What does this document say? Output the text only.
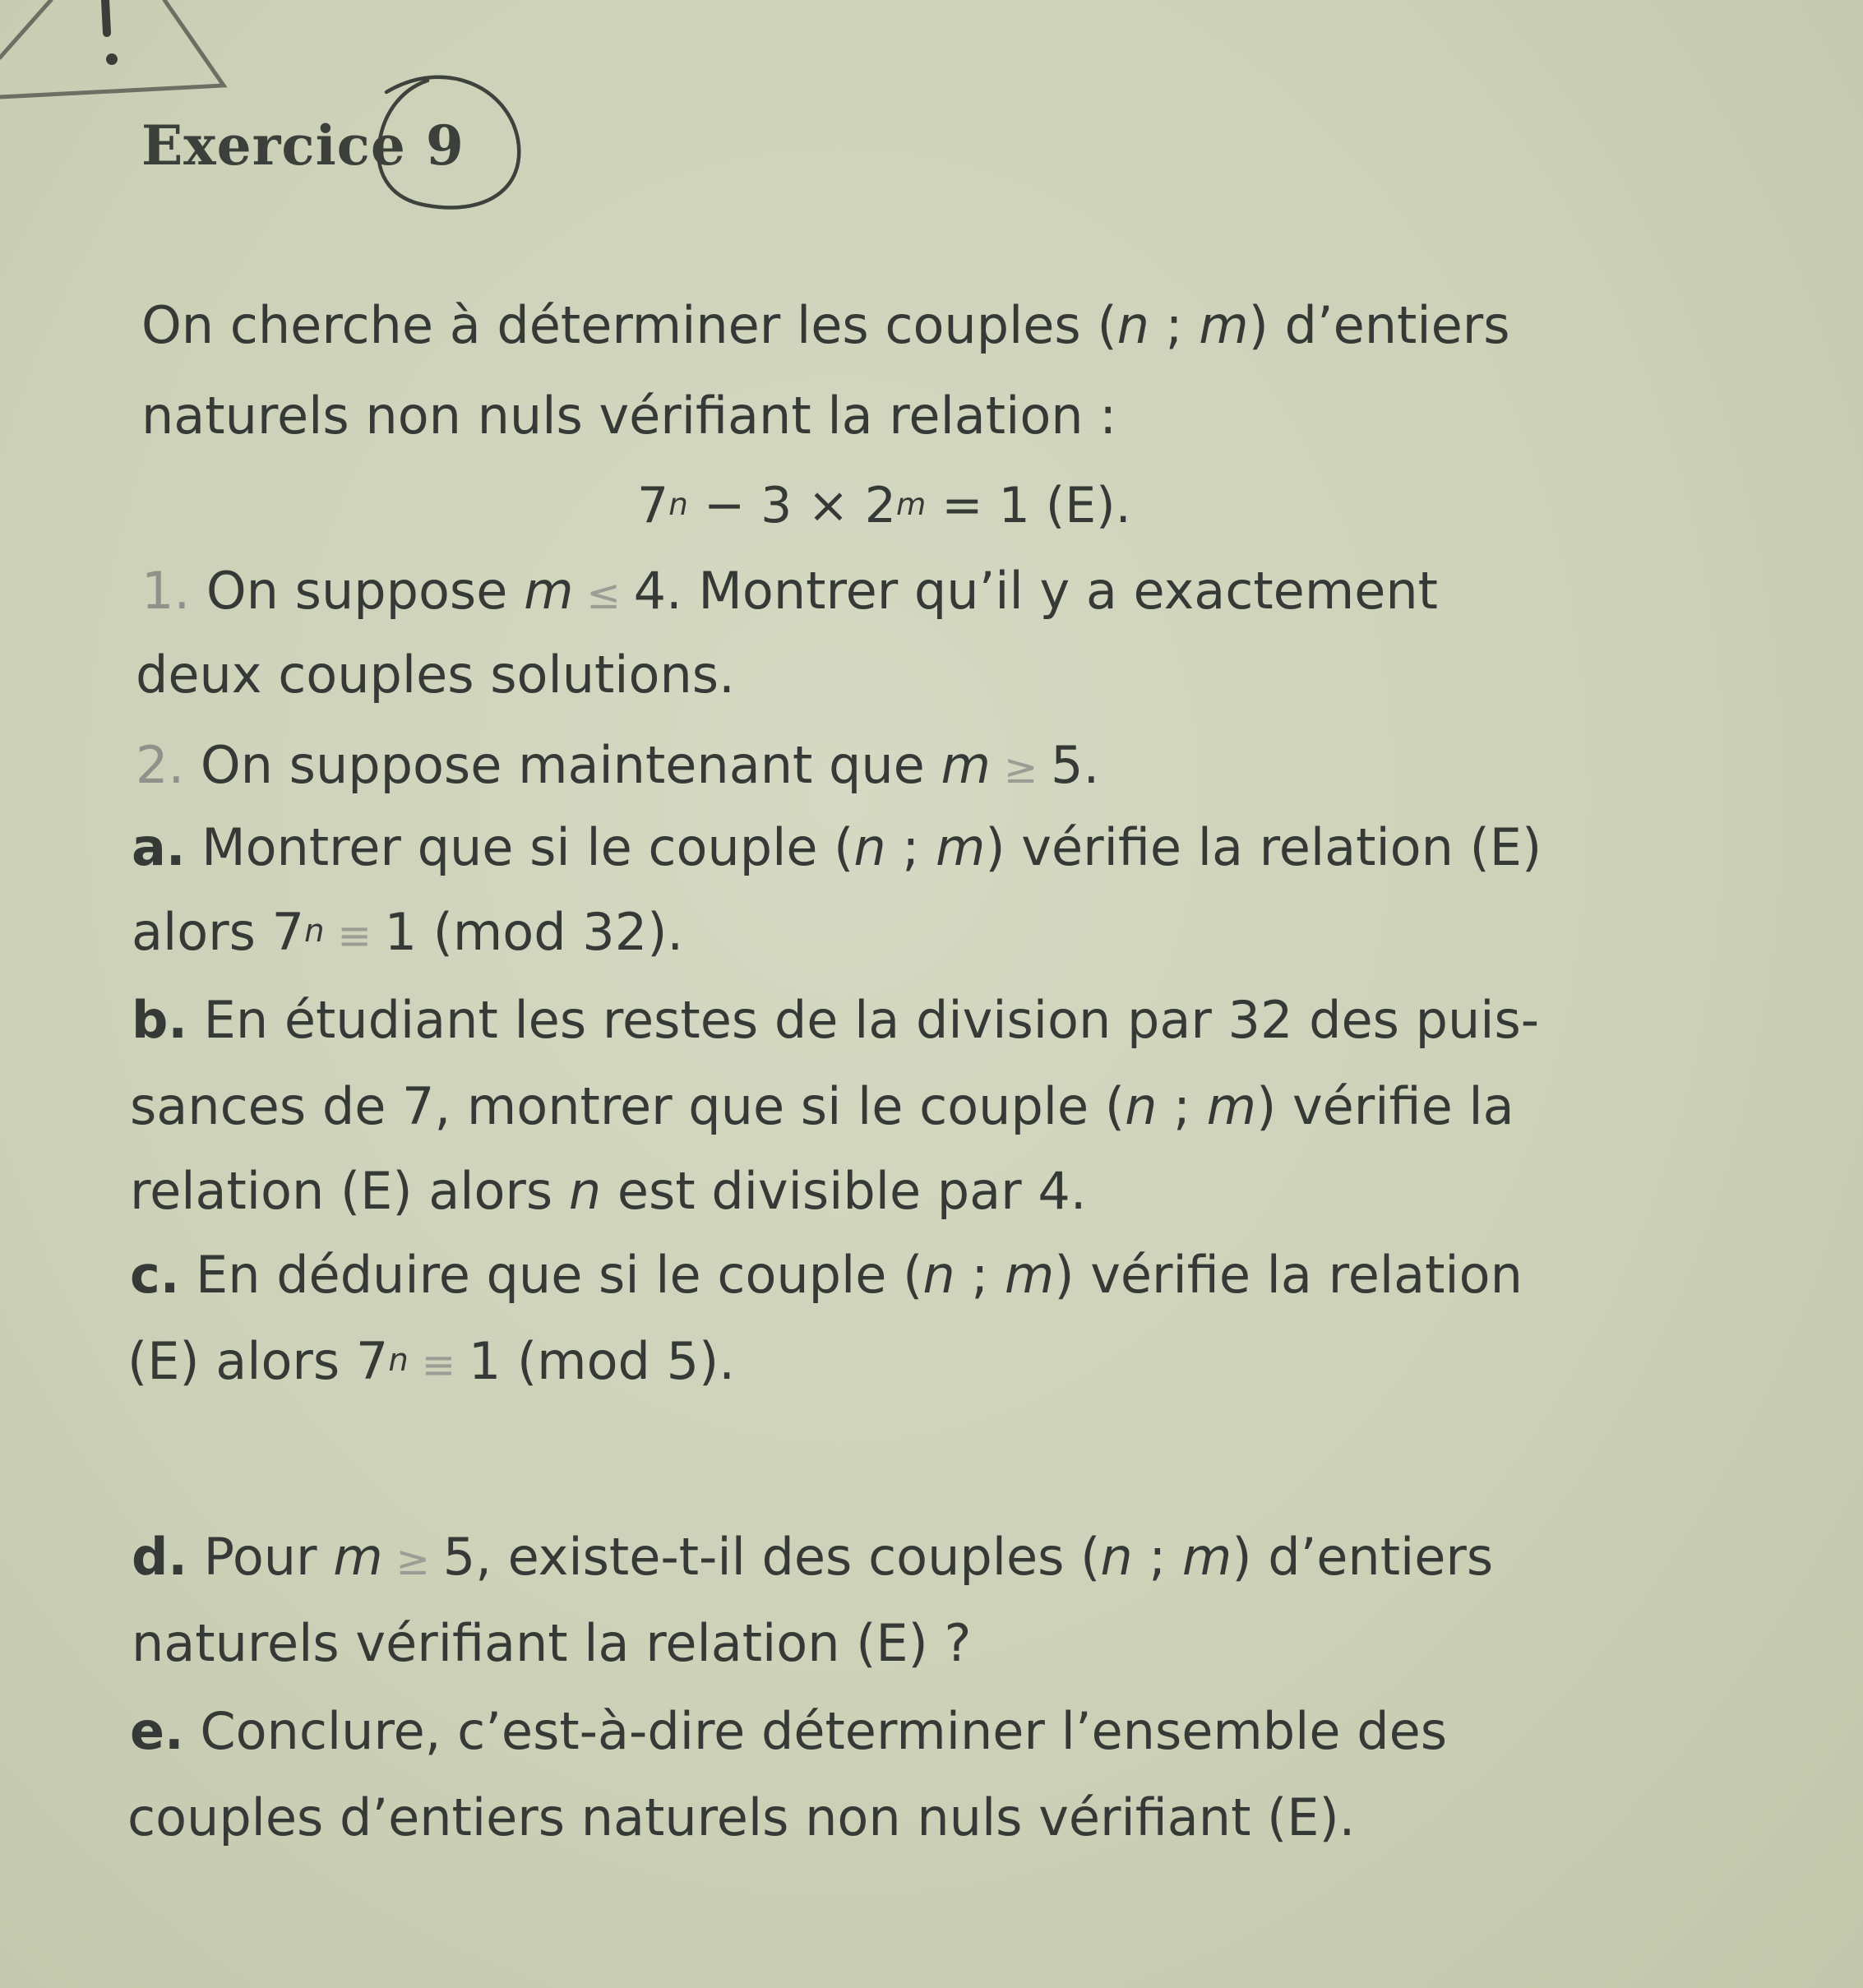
Exercice 9
On cherche à déterminer les couples (n ; m) d’entiers
naturels non nuls vérifiant la relation :
$7^n - 3 \times 2^m = 1$ (E).
1. On suppose m ≤ 4. Montrer qu’il y a exactement
deux couples solutions.
2. On suppose maintenant que m ≥ 5.
a. Montrer que si le couple (n ; m) vérifie la relation (E)
alors $7^n \equiv 1$ (mod 32).
b. En étudiant les restes de la division par 32 des puis-
sances de 7, montrer que si le couple (n ; m) vérifie la
relation (E) alors n est divisible par 4.
c. En déduire que si le couple (n ; m) vérifie la relation
(E) alors $7^n \equiv 1$ (mod 5).
d. Pour m ≥ 5, existe-t-il des couples (n ; m) d’entiers
naturels vérifiant la relation (E) ?
e. Conclure, c’est-à-dire déterminer l’ensemble des
couples d’entiers naturels non nuls vérifiant (E).
